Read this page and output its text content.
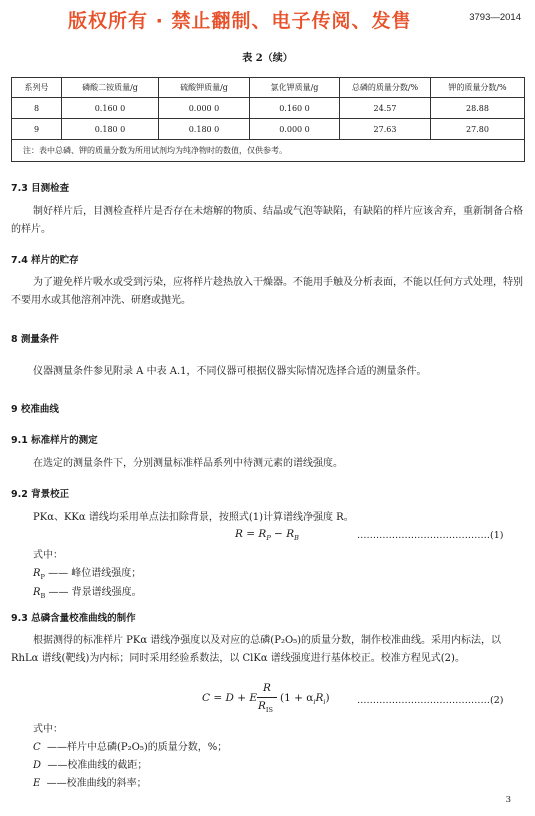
版权所有 · 禁止翻制、电子传阅、发售	3793—2014
表 2（续）
系列号	磷酸二铵质量/g	硫酸钾质量/g	氯化钾质量/g	总磷的质量分数/%	钾的质量分数/%
8	0.160 0	0.000 0	0.160 0	24.57	28.88
9	0.180 0	0.180 0	0.000 0	27.63	27.80
注：表中总磷、钾的质量分数为所用试剂均为纯净物时的数值，仅供参考。					
7.3 目测检查
制好样片后，目测检查样片是否存在未熔解的物质、结晶或气泡等缺陷，有缺陷的样片应该舍弃，重新制备合格的样片。
7.4 样片的贮存
为了避免样片吸水或受到污染，应将样片趁热放入干燥器。不能用手触及分析表面，不能以任何方式处理，特别不要用水或其他溶剂冲洗、研磨或抛光。
8 测量条件
仪器测量条件参见附录 A 中表 A.1，不同仪器可根据仪器实际情况选择合适的测量条件。
9 校准曲线
9.1 标准样片的测定
在选定的测量条件下，分别测量标准样品系列中待测元素的谱线强度。
9.2 背景校正
PKα、KKα 谱线均采用单点法扣除背景，按照式(1)计算谱线净强度 R。
$R = R_P - R_B$	……………………………………(1)
式中：
$R_P$ —— 峰位谱线强度；
$R_B$ —— 背景谱线强度。
9.3 总磷含量校准曲线的制作
根据测得的标准样片 PKα 谱线净强度以及对应的总磷(P₂O₅)的质量分数，制作校准曲线。采用内标法，以 RhLα 谱线(靶线)为内标；同时采用经验系数法，以 ClKα 谱线强度进行基体校正。校准方程见式(2)。
C = D + E
R
$R_{IS}$
$(1 + \alpha_iR_i)$	……………………………………(2)
式中：
C ——样片中总磷(P₂O₅)的质量分数，%；
D ——校准曲线的截距；
E ——校准曲线的斜率；
3
